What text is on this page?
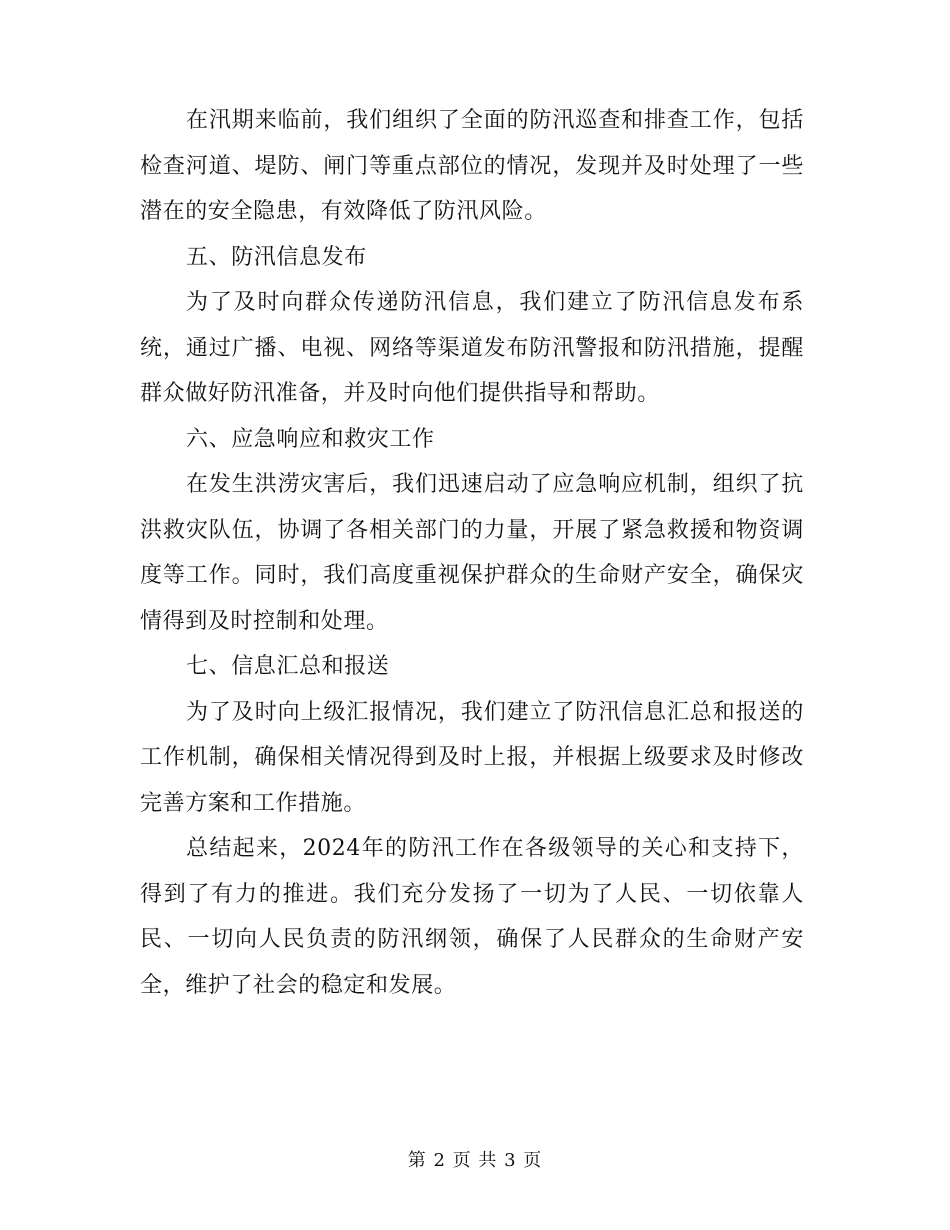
在汛期来临前，我们组织了全面的防汛巡查和排查工作，包括检查河道、堤防、闸门等重点部位的情况，发现并及时处理了一些潜在的安全隐患，有效降低了防汛风险。

五、防汛信息发布

为了及时向群众传递防汛信息，我们建立了防汛信息发布系统，通过广播、电视、网络等渠道发布防汛警报和防汛措施，提醒群众做好防汛准备，并及时向他们提供指导和帮助。

六、应急响应和救灾工作

在发生洪涝灾害后，我们迅速启动了应急响应机制，组织了抗洪救灾队伍，协调了各相关部门的力量，开展了紧急救援和物资调度等工作。同时，我们高度重视保护群众的生命财产安全，确保灾情得到及时控制和处理。

七、信息汇总和报送

为了及时向上级汇报情况，我们建立了防汛信息汇总和报送的工作机制，确保相关情况得到及时上报，并根据上级要求及时修改完善方案和工作措施。

总结起来，2024年的防汛工作在各级领导的关心和支持下，得到了有力的推进。我们充分发扬了一切为了人民、一切依靠人民、一切向人民负责的防汛纲领，确保了人民群众的生命财产安全，维护了社会的稳定和发展。

第 2 页 共 3 页
